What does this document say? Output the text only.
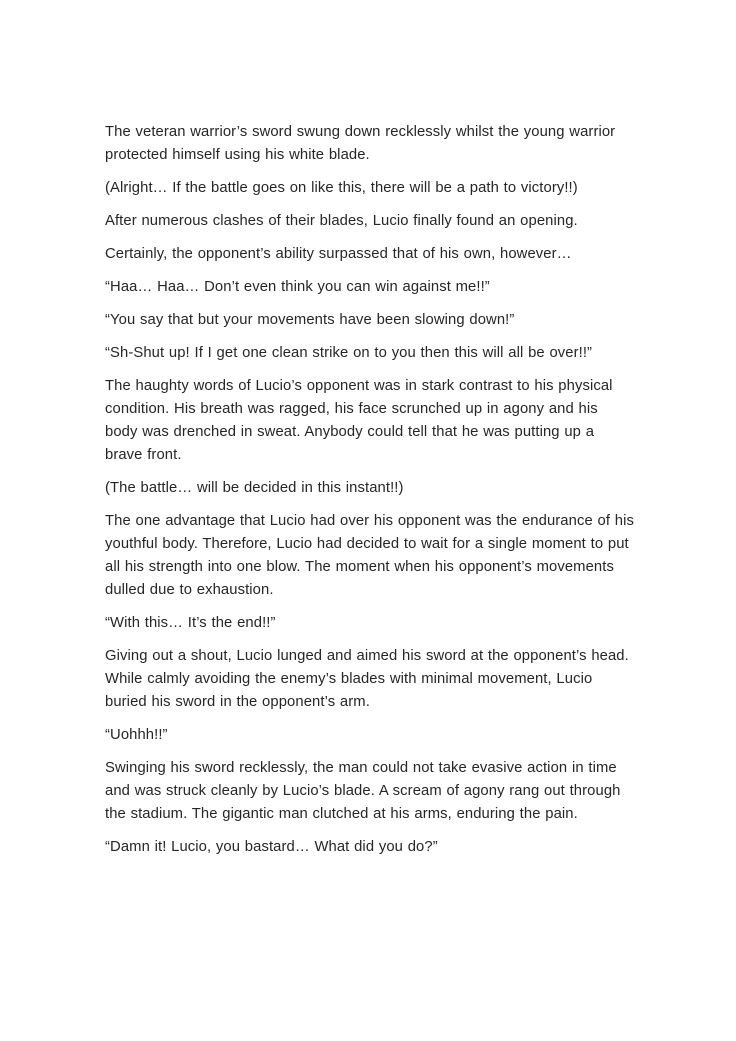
The veteran warrior’s sword swung down recklessly whilst the young warrior protected himself using his white blade.

(Alright… If the battle goes on like this, there will be a path to victory!!)

After numerous clashes of their blades, Lucio finally found an opening.

Certainly, the opponent’s ability surpassed that of his own, however…

“Haa… Haa… Don’t even think you can win against me!!”

“You say that but your movements have been slowing down!”

“Sh-Shut up! If I get one clean strike on to you then this will all be over!!”

The haughty words of Lucio’s opponent was in stark contrast to his physical condition. His breath was ragged, his face scrunched up in agony and his body was drenched in sweat. Anybody could tell that he was putting up a brave front.

(The battle… will be decided in this instant!!)

The one advantage that Lucio had over his opponent was the endurance of his youthful body. Therefore, Lucio had decided to wait for a single moment to put all his strength into one blow. The moment when his opponent’s movements dulled due to exhaustion.

“With this… It’s the end!!”

Giving out a shout, Lucio lunged and aimed his sword at the opponent’s head. While calmly avoiding the enemy’s blades with minimal movement, Lucio buried his sword in the opponent’s arm.

“Uohhh!!”

Swinging his sword recklessly, the man could not take evasive action in time and was struck cleanly by Lucio’s blade. A scream of agony rang out through the stadium. The gigantic man clutched at his arms, enduring the pain.

“Damn it! Lucio, you bastard… What did you do?”
